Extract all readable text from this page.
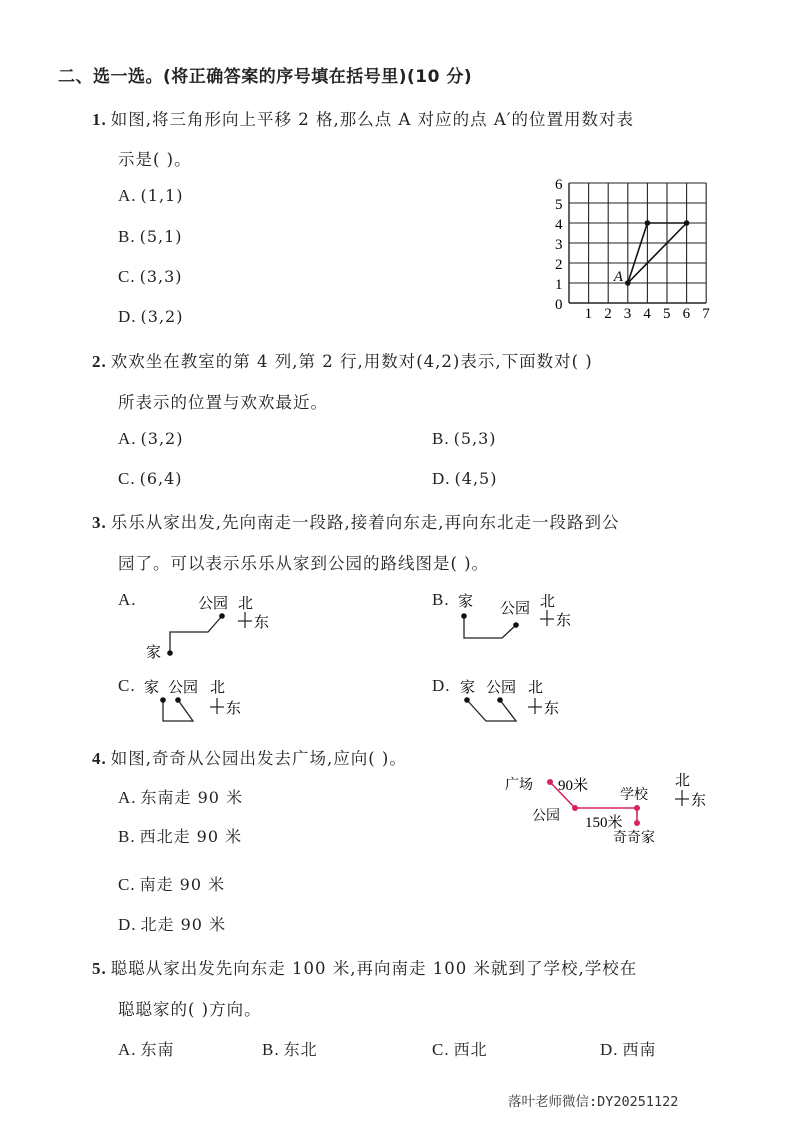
二、选一选。(将正确答案的序号填在括号里)(10 分)
1. 如图,将三角形向上平移 2 格,那么点 A 对应的点 A′的位置用数对表
示是( )。
A. (1,1)
B. (5,1)
C. (3,3)
D. (3,2)	1 2 3 4 5 6 7
0
1
2
3
4
5
6
A
2. 欢欢坐在教室的第 4 列,第 2 行,用数对(4,2)表示,下面数对( )
所表示的位置与欢欢最近。
A. (3,2)	B. (5,3)
C. (6,4)	D. (4,5)
3. 乐乐从家出发,先向南走一段路,接着向东走,再向东北走一段路到公
园了。可以表示乐乐从家到公园的路线图是( )。
A.
家
公园 北
东
B. 家 公园 北
东
C. 家 公园 北
东
D. 家 公园 北
东
4. 如图,奇奇从公园出发去广场,应向( )。
A. 东南走 90 米
B. 西北走 90 米
C. 南走 90 米
D. 北走 90 米
广场 90米
公园 150米
学校
奇奇家
北
东
5. 聪聪从家出发先向东走 100 米,再向南走 100 米就到了学校,学校在
聪聪家的( )方向。
A. 东南	B. 东北	C. 西北	D. 西南
落叶老师微信:DY20251122
